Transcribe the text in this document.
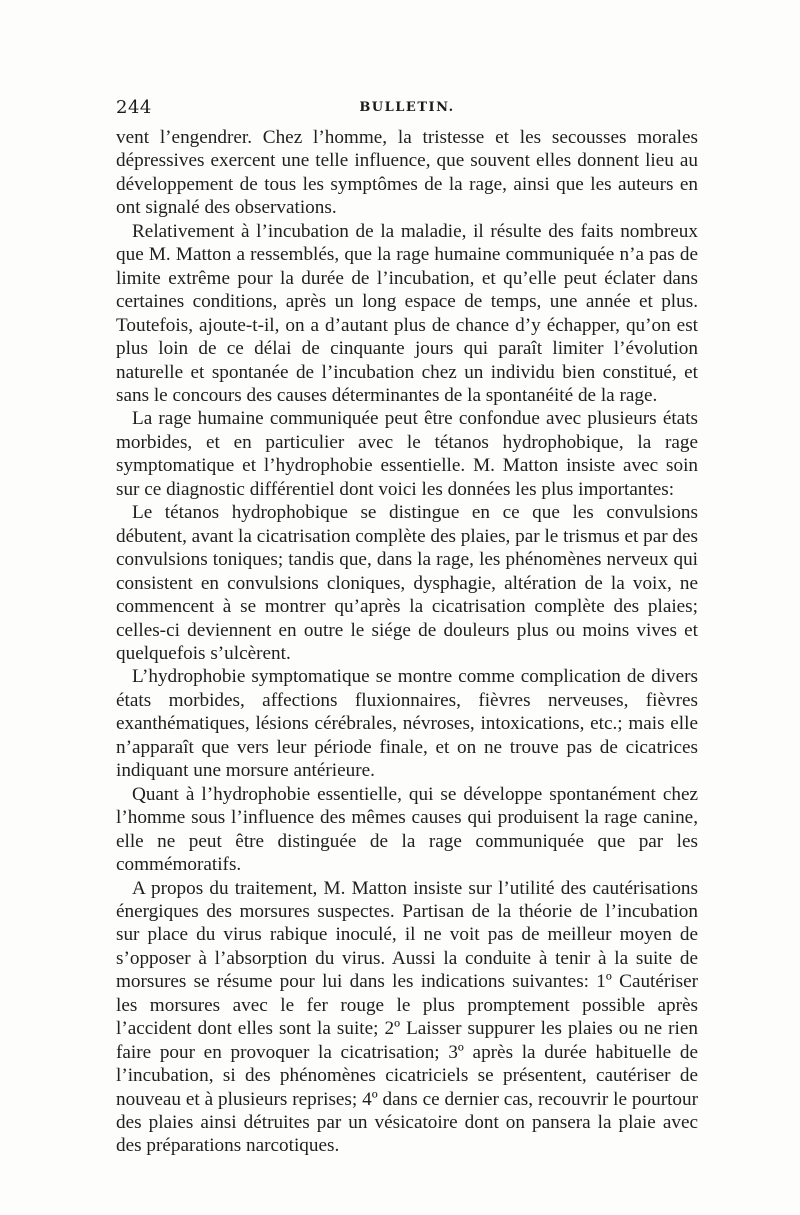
244	BULLETIN.

vent l’engendrer. Chez l’homme, la tristesse et les secousses morales dépressives exercent une telle influence, que souvent elles donnent lieu au développement de tous les symptômes de la rage, ainsi que les auteurs en ont signalé des observations.

Relativement à l’incubation de la maladie, il résulte des faits nombreux que M. Matton a ressemblés, que la rage humaine communiquée n’a pas de limite extrême pour la durée de l’incubation, et qu’elle peut éclater dans certaines conditions, après un long espace de temps, une année et plus. Toutefois, ajoute-t-il, on a d’autant plus de chance d’y échapper, qu’on est plus loin de ce délai de cinquante jours qui paraît limiter l’évolution naturelle et spontanée de l’incubation chez un individu bien constitué, et sans le concours des causes déterminantes de la spontanéité de la rage.

La rage humaine communiquée peut être confondue avec plusieurs états morbides, et en particulier avec le tétanos hydrophobique, la rage symptomatique et l’hydrophobie essentielle. M. Matton insiste avec soin sur ce diagnostic différentiel dont voici les données les plus importantes:

Le tétanos hydrophobique se distingue en ce que les convulsions débutent, avant la cicatrisation complète des plaies, par le trismus et par des convulsions toniques; tandis que, dans la rage, les phénomènes nerveux qui consistent en convulsions cloniques, dysphagie, altération de la voix, ne commencent à se montrer qu’après la cicatrisation complète des plaies; celles-ci deviennent en outre le siége de douleurs plus ou moins vives et quelquefois s’ulcèrent.

L’hydrophobie symptomatique se montre comme complication de divers états morbides, affections fluxionnaires, fièvres nerveuses, fièvres exanthématiques, lésions cérébrales, névroses, intoxications, etc.; mais elle n’apparaît que vers leur période finale, et on ne trouve pas de cicatrices indiquant une morsure antérieure.

Quant à l’hydrophobie essentielle, qui se développe spontanément chez l’homme sous l’influence des mêmes causes qui produisent la rage canine, elle ne peut être distinguée de la rage communiquée que par les commémoratifs.

A propos du traitement, M. Matton insiste sur l’utilité des cautérisations énergiques des morsures suspectes. Partisan de la théorie de l’incubation sur place du virus rabique inoculé, il ne voit pas de meilleur moyen de s’opposer à l’absorption du virus. Aussi la conduite à tenir à la suite de morsures se résume pour lui dans les indications suivantes: 1º Cautériser les morsures avec le fer rouge le plus promptement possible après l’accident dont elles sont la suite; 2º Laisser suppurer les plaies ou ne rien faire pour en provoquer la cicatrisation; 3º après la durée habituelle de l’incubation, si des phénomènes cicatriciels se présentent, cautériser de nouveau et à plusieurs reprises; 4º dans ce dernier cas, recouvrir le pourtour des plaies ainsi détruites par un vésicatoire dont on pansera la plaie avec des préparations narcotiques.
